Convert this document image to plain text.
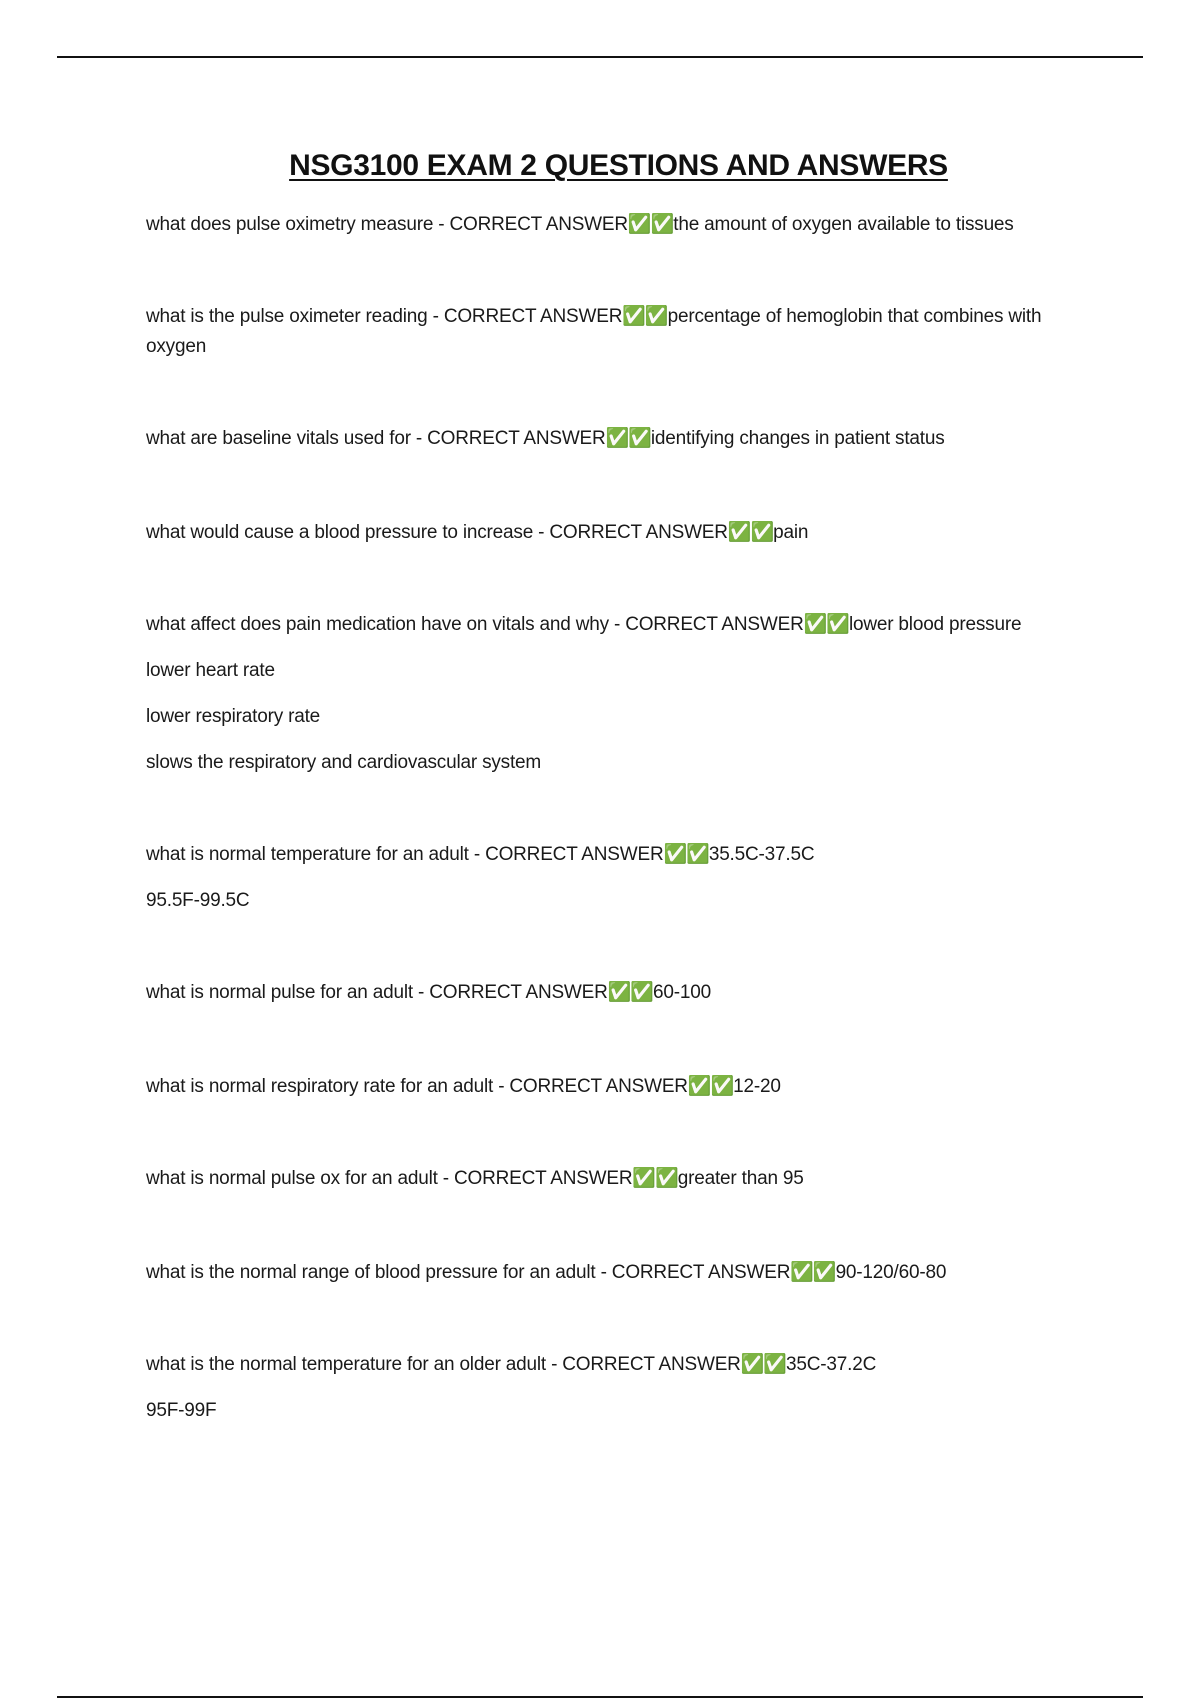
NSG3100 EXAM 2 QUESTIONS AND ANSWERS
what does pulse oximetry measure - CORRECT ANSWER✅✅the amount of oxygen available to tissues
what is the pulse oximeter reading - CORRECT ANSWER✅✅percentage of hemoglobin that combines with oxygen
what are baseline vitals used for - CORRECT ANSWER✅✅identifying changes in patient status
what would cause a blood pressure to increase - CORRECT ANSWER✅✅pain
what affect does pain medication have on vitals and why - CORRECT ANSWER✅✅lower blood pressure
lower heart rate
lower respiratory rate
slows the respiratory and cardiovascular system
what is normal temperature for an adult - CORRECT ANSWER✅✅35.5C-37.5C
95.5F-99.5C
what is normal pulse for an adult - CORRECT ANSWER✅✅60-100
what is normal respiratory rate for an adult - CORRECT ANSWER✅✅12-20
what is normal pulse ox for an adult - CORRECT ANSWER✅✅greater than 95
what is the normal range of blood pressure for an adult - CORRECT ANSWER✅✅90-120/60-80
what is the normal temperature for an older adult - CORRECT ANSWER✅✅35C-37.2C
95F-99F
